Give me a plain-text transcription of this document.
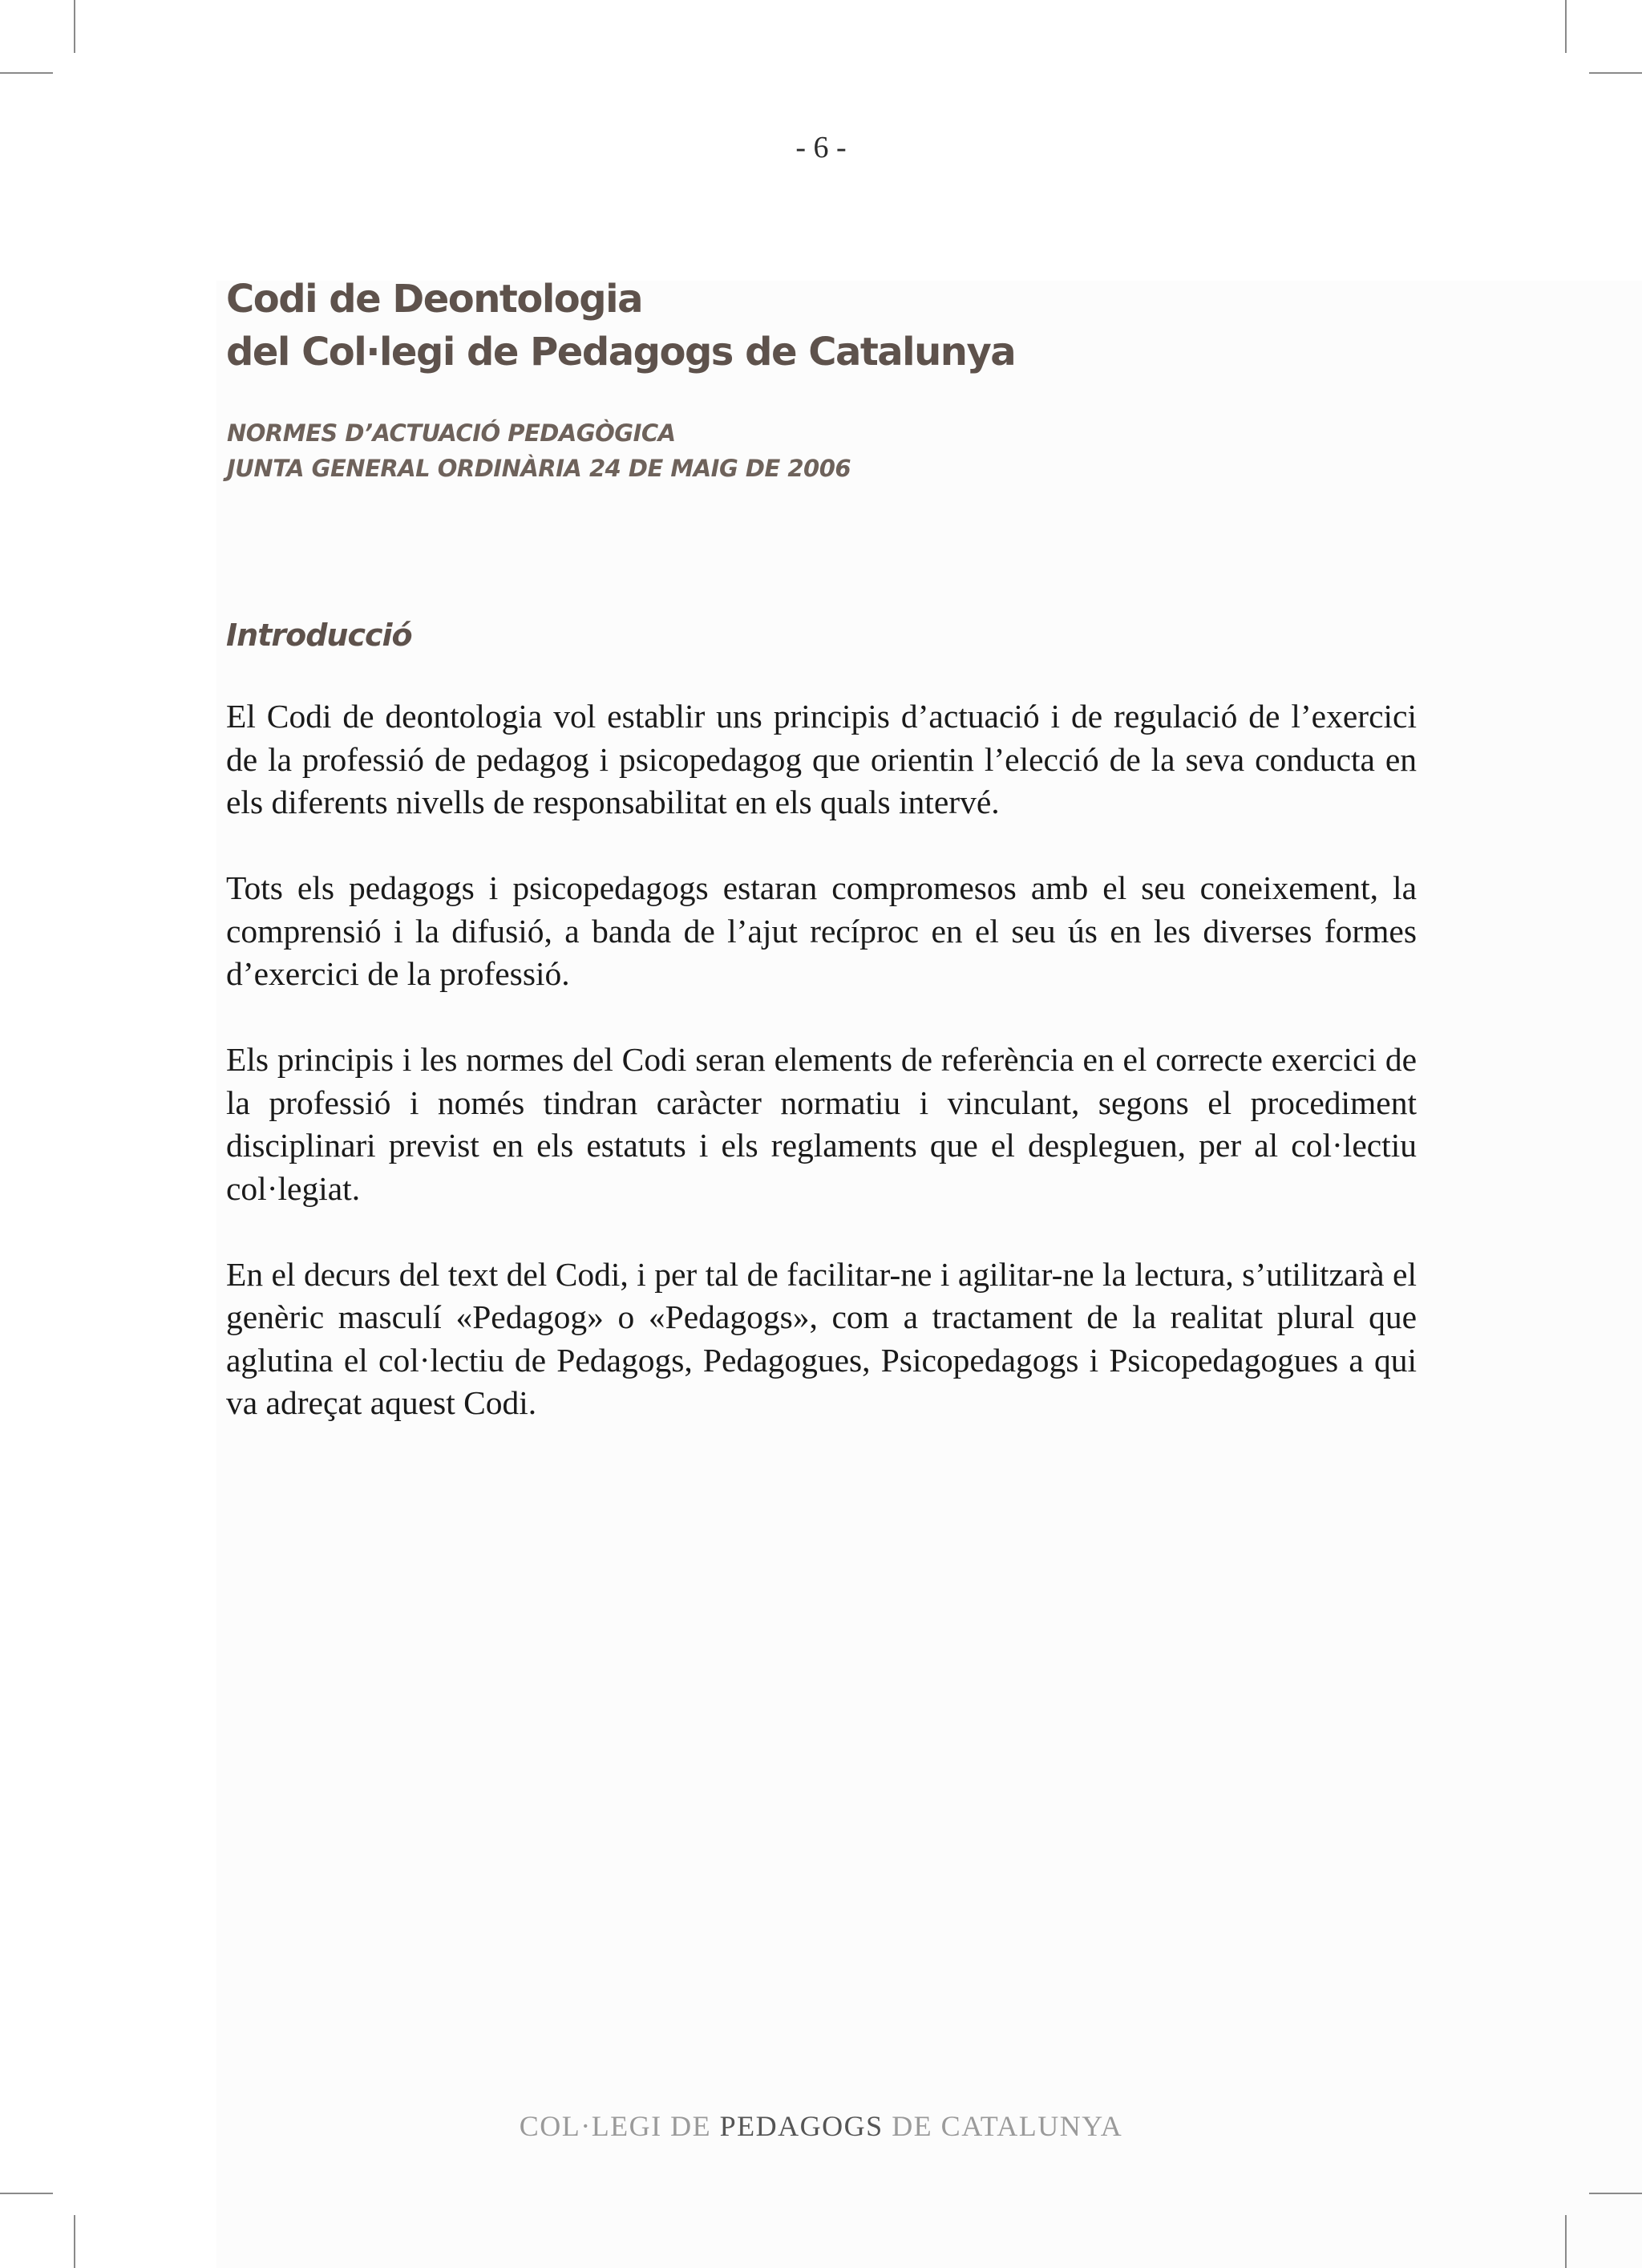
- 6 -
Codi de Deontologia
del Col·legi de Pedagogs de Catalunya
NORMES D’ACTUACIÓ PEDAGÒGICA
JUNTA GENERAL ORDINÀRIA 24 DE MAIG DE 2006
Introducció

El Codi de deontologia vol establir uns principis d’actuació i de regulació de l’exercici de la professió de pedagog i psicopedagog que orientin l’elecció de la seva conducta en els diferents nivells de responsabilitat en els quals intervé.

Tots els pedagogs i psicopedagogs estaran compromesos amb el seu coneixement, la comprensió i la difusió, a banda de l’ajut recíproc en el seu ús en les diverses formes d’exercici de la professió.

Els principis i les normes del Codi seran elements de referència en el correcte exercici de la professió i només tindran caràcter normatiu i vinculant, segons el procediment disciplinari previst en els estatuts i els reglaments que el despleguen, per al col·lectiu col·legiat.

En el decurs del text del Codi, i per tal de facilitar-ne i agilitar-ne la lectura, s’utilitzarà el genèric masculí «Pedagog» o «Pedagogs», com a tractament de la realitat plural que aglutina el col·lectiu de Pedagogs, Pedagogues, Psicopedagogs i Psicopedagogues a qui va adreçat aquest Codi.

COL·LEGI DE PEDAGOGS DE CATALUNYA
